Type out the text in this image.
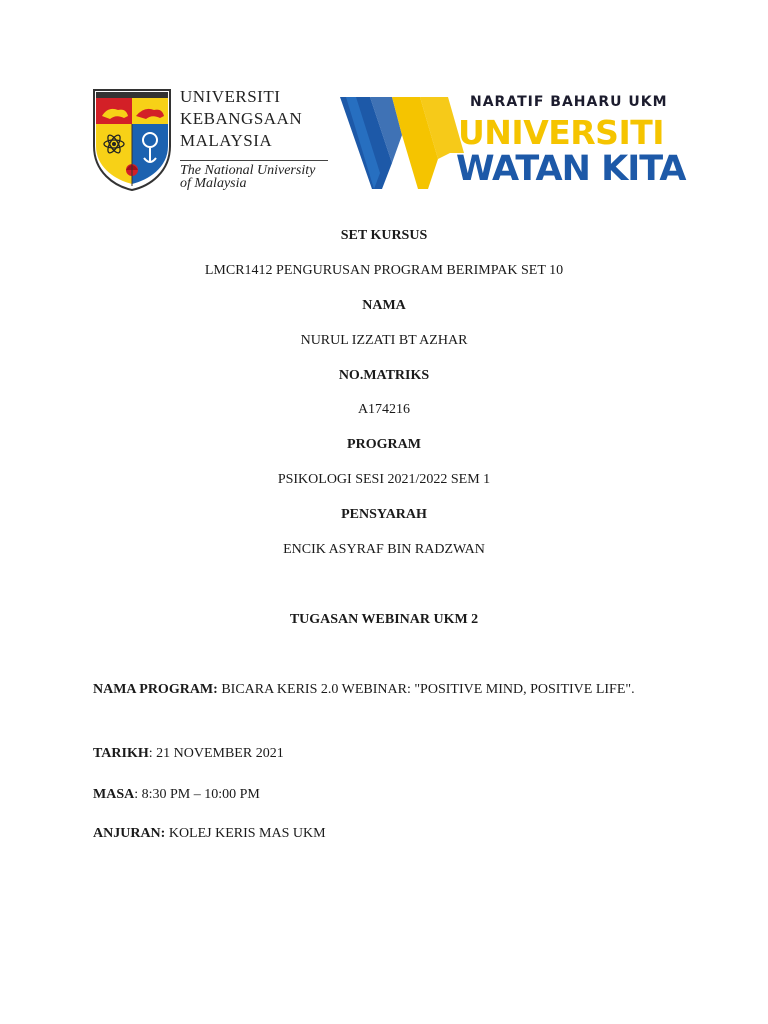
UNIVERSITI
KEBANGSAAN
MALAYSIA
The National University
of Malaysia
NARATIF BAHARU UKM
UNIVERSITI
WATAN KITA
SET KURSUS
LMCR1412 PENGURUSAN PROGRAM BERIMPAK SET 10
NAMA
NURUL IZZATI BT AZHAR
NO.MATRIKS
A174216
PROGRAM
PSIKOLOGI SESI 2021/2022 SEM 1
PENSYARAH
ENCIK ASYRAF BIN RADZWAN
TUGASAN WEBINAR UKM 2
NAMA PROGRAM: BICARA KERIS 2.0 WEBINAR: "POSITIVE MIND, POSITIVE LIFE".
TARIKH: 21 NOVEMBER 2021
MASA: 8:30 PM – 10:00 PM
ANJURAN: KOLEJ KERIS MAS UKM
